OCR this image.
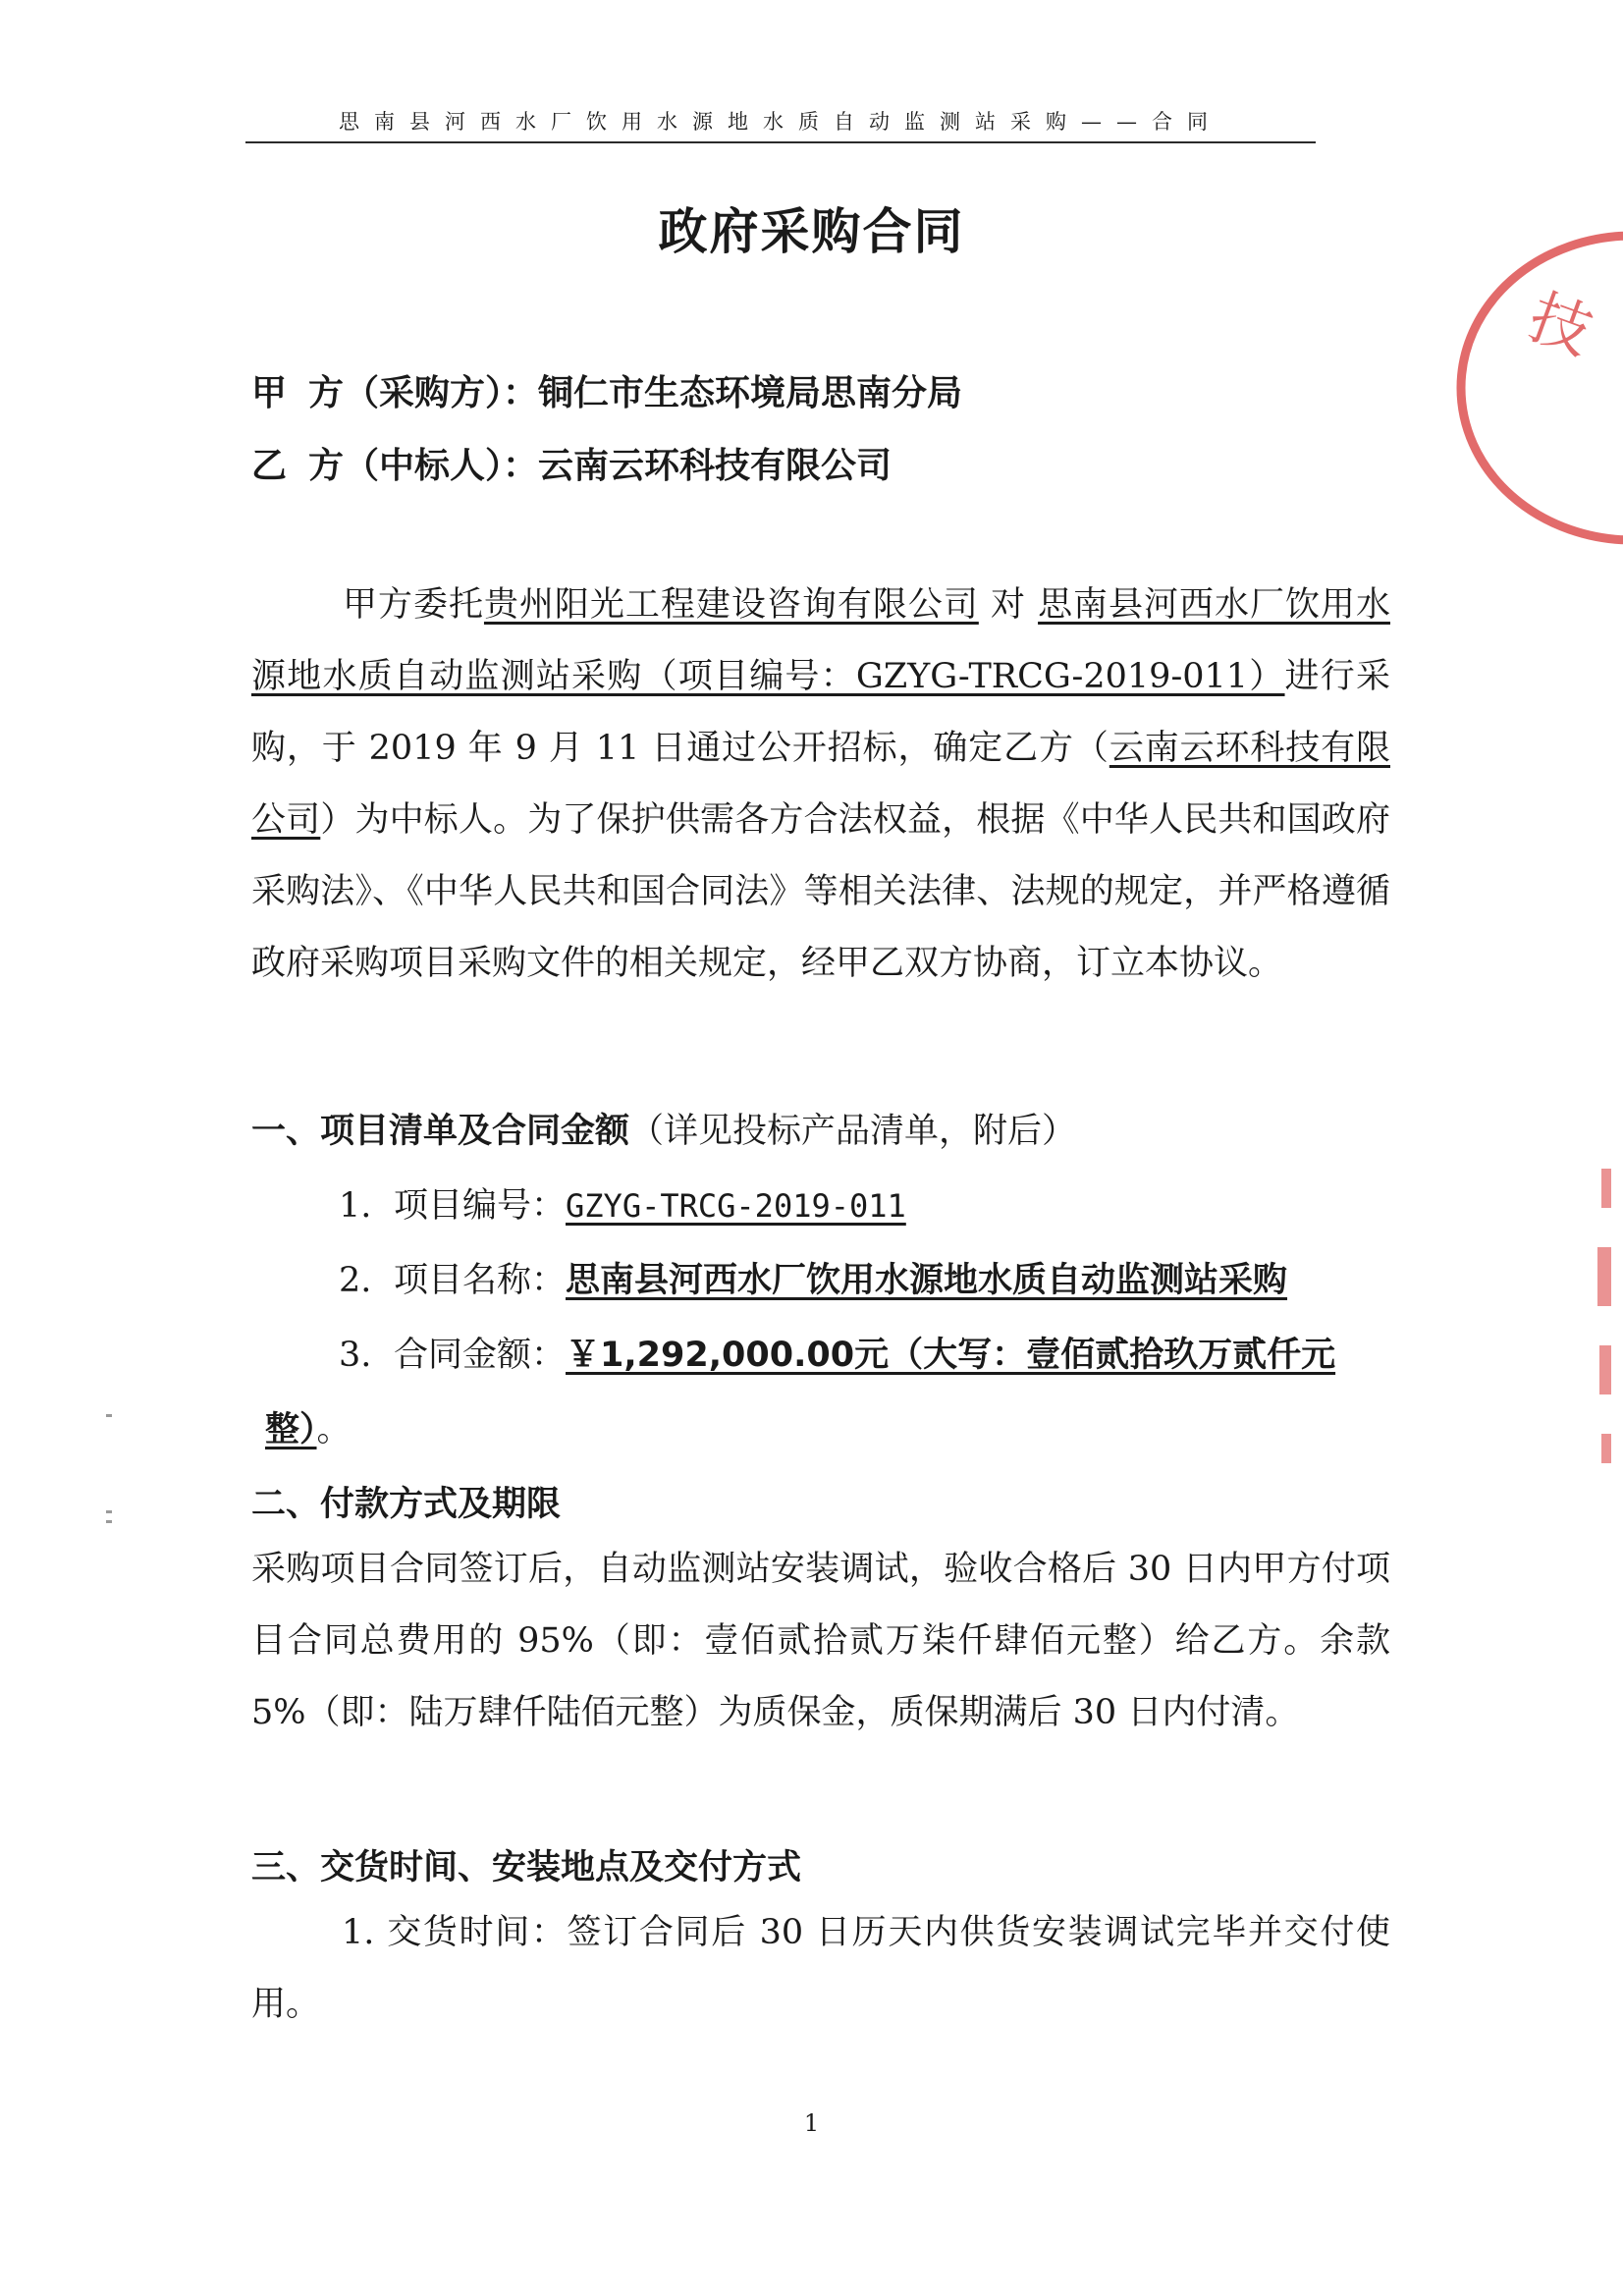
思南县河西水厂饮用水源地水质自动监测站采购——合同
政府采购合同
甲 方（采购方）：铜仁市生态环境局思南分局
乙 方（中标人）：云南云环科技有限公司
甲方委托贵州阳光工程建设咨询有限公司 对 思南县河西水厂饮用水源地水质自动监测站采购（项目编号：GZYG-TRCG-2019-011）进行采购，于 2019 年 9 月 11 日通过公开招标，确定乙方（云南云环科技有限公司）为中标人。为了保护供需各方合法权益，根据《中华人民共和国政府采购法》、《中华人民共和国合同法》等相关法律、法规的规定，并严格遵循政府采购项目采购文件的相关规定，经甲乙双方协商，订立本协议。
一、项目清单及合同金额（详见投标产品清单，附后）
1. 项目编号：GZYG-TRCG-2019-011
2. 项目名称：思南县河西水厂饮用水源地水质自动监测站采购
3. 合同金额：￥1,292,000.00元（大写：壹佰贰拾玖万贰仟元
整）。
二、付款方式及期限
采购项目合同签订后，自动监测站安装调试，验收合格后 30 日内甲方付项目合同总费用的 95%（即：壹佰贰拾贰万柒仟肆佰元整）给乙方。余款 5%（即：陆万肆仟陆佰元整）为质保金，质保期满后 30 日内付清。
三、交货时间、安装地点及交付方式
1. 交货时间：签订合同后 30 日历天内供货安装调试完毕并交付使用。
1
技
